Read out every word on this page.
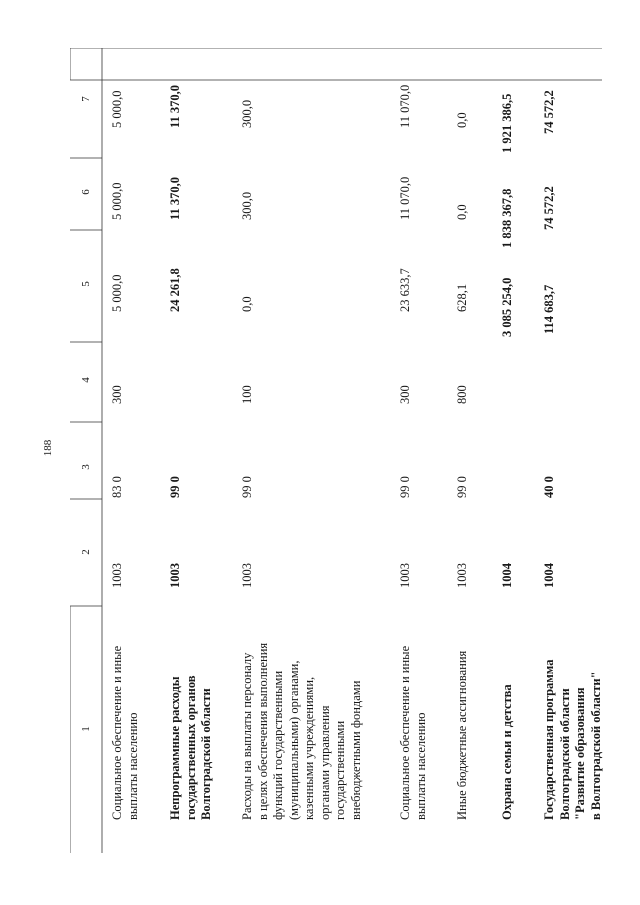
188
7
6
5
4
3
2
1 Социальное обеспечение и иные выплаты населению
1003
83 0
300
5 000,0
5 000,0
5 000,0
Непрограммные расходы государственных органов Волгоградской области
1003
99 0
24 261,8
11 370,0
11 370,0
Расходы на выплаты персоналу в целях обеспечения выполнения функций государственными (муниципальными) органами, казенными учреждениями, органами управления государственными внебюджетными фондами
1003
99 0
100
0,0
300,0
300,0
Социальное обеспечение и иные выплаты населению
1003
99 0
300
23 633,7
11 070,0
11 070,0
Иные бюджетные ассигнования
1003
99 0
800
628,1
0,0
0,0
Охрана семьи и детства
1004
3 085 254,0
1 838 367,8
1 921 386,5
Государственная программа Волгоградской области "Развитие образования в Волгоградской области"
1004
40 0
114 683,7
74 572,2
74 572,2
